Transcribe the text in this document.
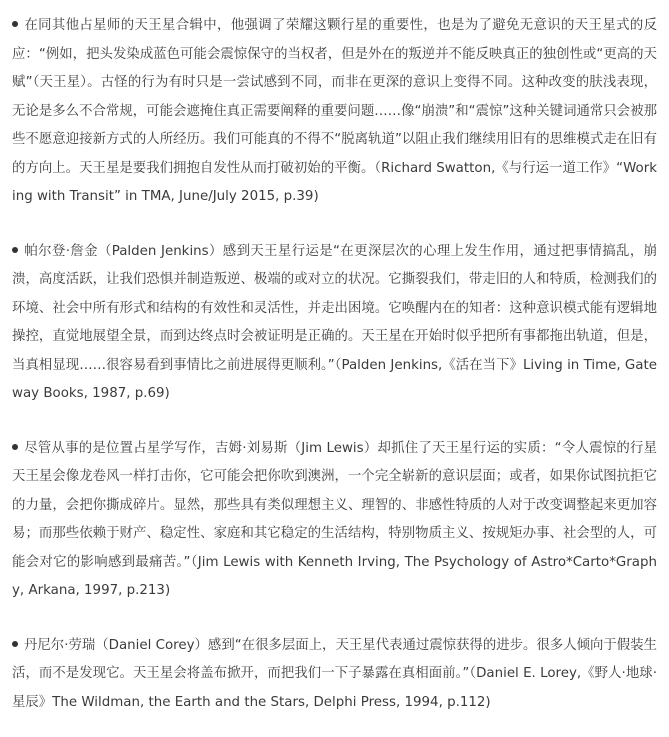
在同其他占星师的天王星合辑中，他强调了荣耀这颗行星的重要性，也是为了避免无意识的天王星式的反应：“例如，把头发染成蓝色可能会震惊保守的当权者，但是外在的叛逆并不能反映真正的独创性或“更高的天赋”（天王星）。古怪的行为有时只是一尝试感到不同，而非在更深的意识上变得不同。这种改变的肤浅表现，无论是多么不合常规，可能会遮掩住真正需要阐释的重要问题……像“崩溃”和“震惊”这种关键词通常只会被那些不愿意迎接新方式的人所经历。我们可能真的不得不“脱离轨道”以阻止我们继续用旧有的思维模式走在旧有的方向上。天王星是要我们拥抱自发性从而打破初始的平衡。（Richard Swatton,《与行运一道工作》“Working with Transit” in TMA, June/July 2015, p.39)
帕尔登·詹金（Palden Jenkins）感到天王星行运是“在更深层次的心理上发生作用，通过把事情搞乱，崩溃，高度活跃，让我们恐惧并制造叛逆、极端的或对立的状况。它撕裂我们，带走旧的人和特质，检测我们的环境、社会中所有形式和结构的有效性和灵活性，并走出困境。它唤醒内在的知者：这种意识模式能有逻辑地操控，直觉地展望全景，而到达终点时会被证明是正确的。天王星在开始时似乎把所有事都拖出轨道，但是，当真相显现……很容易看到事情比之前进展得更顺利。”（Palden Jenkins,《活在当下》Living in Time, Gateway Books, 1987, p.69)
尽管从事的是位置占星学写作，吉姆·刘易斯（Jim Lewis）却抓住了天王星行运的实质：“令人震惊的行星天王星会像龙卷风一样打击你，它可能会把你吹到澳洲，一个完全崭新的意识层面；或者，如果你试图抗拒它的力量，会把你撕成碎片。显然，那些具有类似理想主义、理智的、非感性特质的人对于改变调整起来更加容易；而那些依赖于财产、稳定性、家庭和其它稳定的生活结构，特别物质主义、按规矩办事、社会型的人，可能会对它的影响感到最痛苦。”（Jim Lewis with Kenneth Irving, The Psychology of Astro*Carto*Graphy, Arkana, 1997, p.213)
丹尼尔·劳瑞（Daniel Corey）感到“在很多层面上，天王星代表通过震惊获得的进步。很多人倾向于假装生活，而不是发现它。天王星会将盖布掀开，而把我们一下子暴露在真相面前。”（Daniel E. Lorey,《野人·地球·星辰》The Wildman, the Earth and the Stars, Delphi Press, 1994, p.112)
